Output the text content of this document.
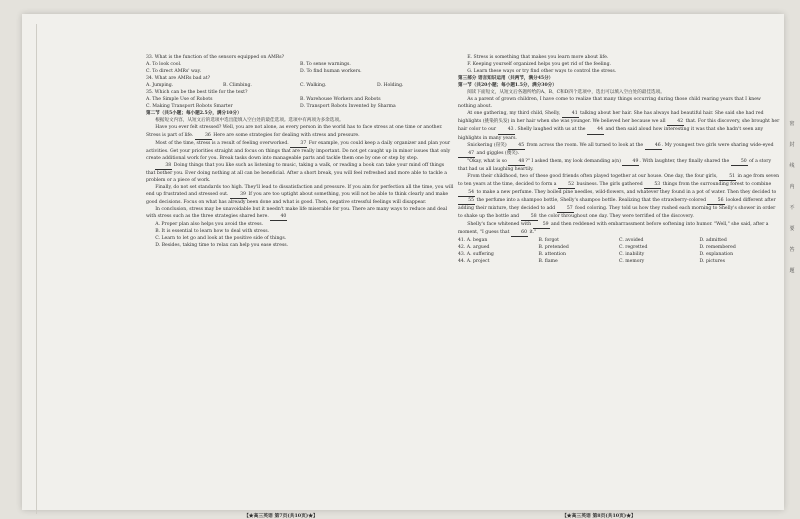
33. What is the function of the sensors equipped on AMRs?

A. To look cool.	B. To sense warnings.
C. To direct AMRs' way.	D. To find human workers.

34. What are AMRs bad at?

A. Jumping.	B. Climbing.	C. Walking.	D. Holding.

35. Which can be the best title for the text?

A. The Simple Use of Robots	B. Warehouse Workers and Robots
C. Making Transport Robots Smarter	D. Transport Robots Invented by Sharma

第二节（共5小题；每小题2.5分，满分10分）

根据短文内容，从短文后的选项中选出能填入空白处的最佳选项。选项中有两项为多余选项。

Have you ever felt stressed? Well, you are not alone, as every person in the world has to face stress at one time or another. Stress is part of life. 36 Here are some strategies for dealing with stress and pressure.

Most of the time, stress is a result of feeling overworked. 37 For example, you could keep a daily organizer and plan your activities. Get your priorities straight and focus on things that are really important. Do not get caught up in minor issues that only create additional work for you. Break tasks down into manageable parts and tackle them one by one or step by step.

38 Doing things that you like such as listening to music, taking a walk, or reading a book can take your mind off things that bother you. Ever doing nothing at all can be beneficial. After a short break, you will feel refreshed and more able to tackle a problem or a piece of work.

Finally, do not set standards too high. They'll lead to dissatisfaction and pressure. If you aim for perfection all the time, you will end up frustrated and stressed out. 39 If you are too uptight about something, you will not be able to think clearly and make good decisions. Focus on what has already been done and what is good. Then, negative stressful feelings will disappear.

In conclusion, stress may be unavoidable but it needn't make life miserable for you. There are many ways to reduce and deal with stress such as the three strategies shared here. 40

A. Proper plan also helps you avoid the stress.

B. It is essential to learn how to deal with stress.

C. Learn to let go and look at the positive side of things.

D. Besides, taking time to relax can help you ease stress.

E. Stress is something that makes you learn more about life.

F. Keeping yourself organized helps you get rid of the feeling.

G. Learn these ways or try find other ways to control the stress.

第三部分 语言知识运用（共两节，满分45分）

第一节（共20小题；每小题1.5分，满分30分）

阅读下面短文，从短文后各题所给的A、B、C和D四个选项中，选出可以填入空白处的最佳选项。

As a parent of grown children, I have come to realize that many things occurring during those child rearing years that I knew nothing about.

At one gathering, my third child, Shelly, 41 talking about her hair. She has always had beautiful hair. She said she had red highlights (挑染的头发) in her hair when she was younger. We believed her because we all 42 that. For this discovery, she brought her hair color to our 43. Shelly laughed with us at the 44 and then said aloud how interesting it was that she hadn't seen any highlights in many years.

Snickering (窃笑) 45 from across the room. We all turned to look at the 46. My youngest two girls were sharing wide-eyed 47 and giggles (傻笑).

"Okay, what is so 48?" I asked them, my look demanding a(n) 49. With laughter, they finally shared the 50 of a story that had us all laughing heartily.

From their childhood, two of these good friends often played together at our house. One day, the four girls, 51 in age from seven to ten years at the time, decided to form a 52 business. The girls gathered 53 things from the surrounding forest to combine 54 to make a new perfume. They boiled pine needles, wild-flowers, and whatever they found in a pot of water. Then they decided to 55 the perfume into a shampoo bottle, Shelly's shampoo bottle. Realizing that the strawberry-colored 56 looked different after adding their mixture, they decided to add 57 food coloring. They told us how they rushed each morning to Shelly's shower in order to shake up the bottle and 58 the color throughout one day. They were terrified of the discovery.

Shelly's face whitened with 59 and then reddened with embarrassment before softening into humor. "Well," she said, after a moment, "I guess that 60 it."

41. A. began	B. forgot	C. avoided	D. admitted
42. A. argued	B. pretended	C. regretted	D. remembered
43. A. suffering	B. attention	C. inability	D. explanation
44. A. project	B. flame	C. memory	D. pictures
【★高三英语 第7页(共10页)★】	【★高三英语 第8页(共10页)★】
密
封
线
内
不
要
答
题
